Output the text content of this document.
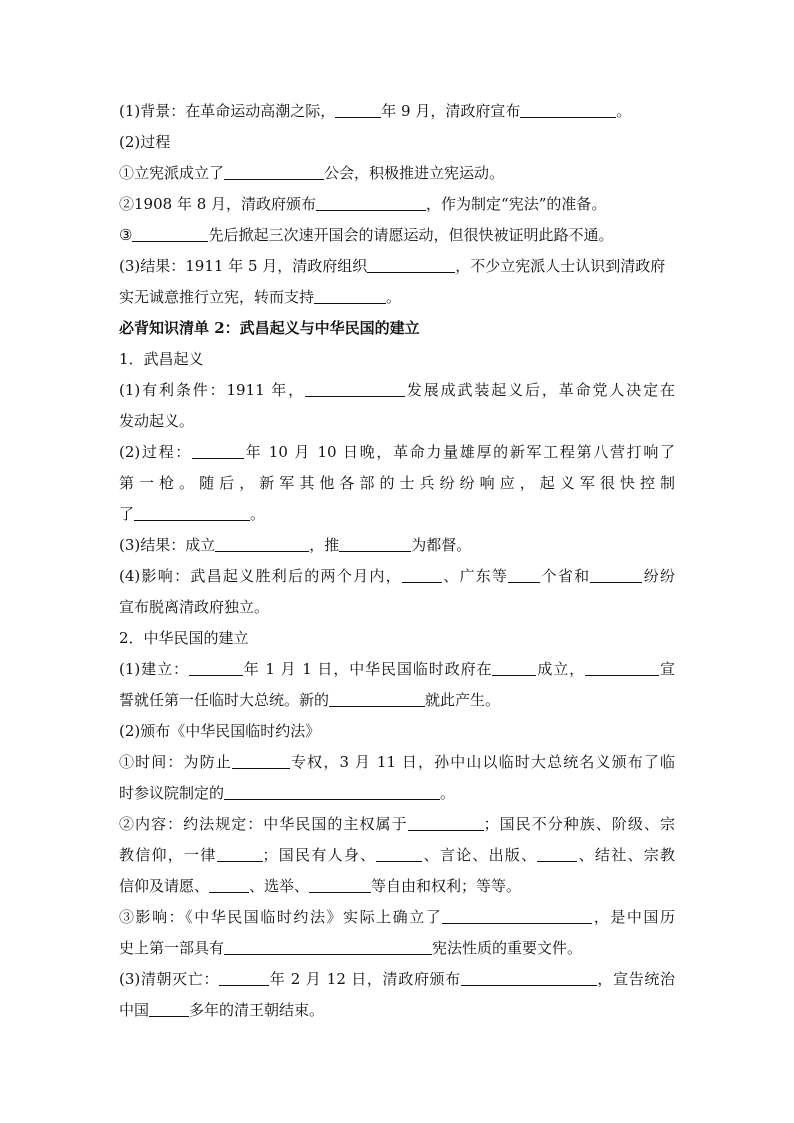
(1)背景：在革命运动高潮之际，	年 9 月，清政府宣布	。
(2)过程
①立宪派成立了	公会，积极推进立宪运动。
②1908 年 8 月，清政府颁布	，作为制定“宪法”的准备。
③	先后掀起三次速开国会的请愿运动，但很快被证明此路不通。
(3)结果：1911 年 5 月，清政府组织	，不少立宪派人士认识到清政府
实无诚意推行立宪，转而支持	。
必背知识清单 2：武昌起义与中华民国的建立
1．武昌起义
(1)有利条件：1911 年，	发展成武装起义后，革命党人决定在
发动起义。
(2)过程：	年 10 月 10 日晚，革命力量雄厚的新军工程第八营打响了
第一枪。随后，新军其他各部的士兵纷纷响应，起义军很快控制
了	。
(3)结果：成立	，推	为都督。
(4)影响：武昌起义胜利后的两个月内，	、广东等 个省和	纷纷
宣布脱离清政府独立。
2．中华民国的建立
(1)建立：	年 1 月 1 日，中华民国临时政府在	成立，	宣
誓就任第一任临时大总统。新的	就此产生。
(2)颁布《中华民国临时约法》
①时间：为防止	专权，3 月 11 日，孙中山以临时大总统名义颁布了临
时参议院制定的	。
②内容：约法规定：中华民国的主权属于	；国民不分种族、阶级、宗
教信仰，一律	；国民有人身、	、言论、出版、	、结社、宗教
信仰及请愿、	、选举、	等自由和权利；等等。
③影响：《中华民国临时约法》实际上确立了	，是中国历
史上第一部具有	宪法性质的重要文件。
(3)清朝灭亡：	年 2 月 12 日，清政府颁布	，宣告统治
中国	多年的清王朝结束。
